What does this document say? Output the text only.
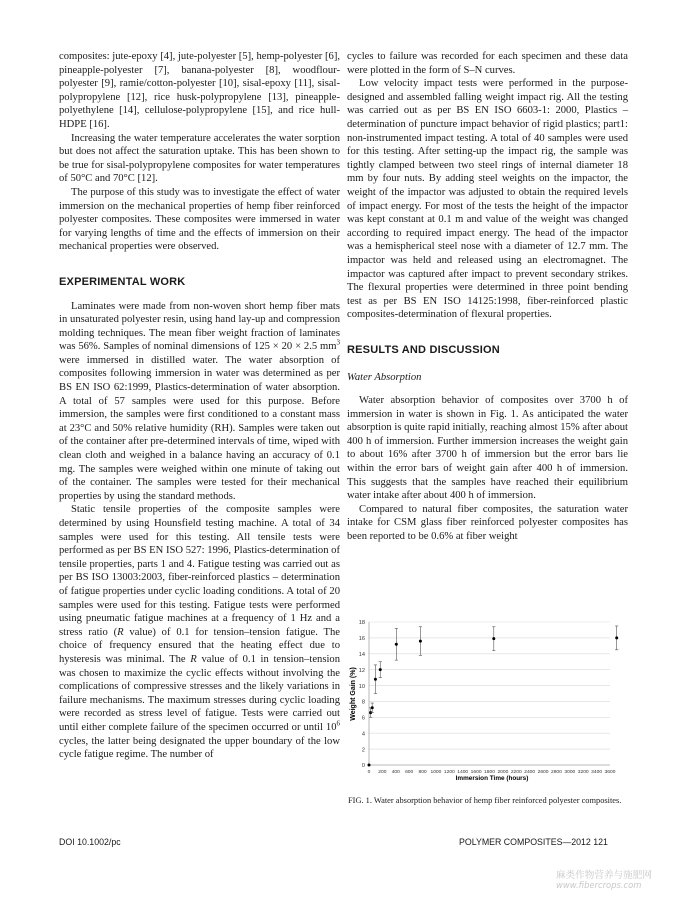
composites: jute-epoxy [4], jute-polyester [5], hemp-polyester [6], pineapple-polyester [7], banana-polyester [8], woodflour-polyester [9], ramie/cotton-polyester [10], sisal-epoxy [11], sisal-polypropylene [12], rice husk-polypropylene [13], pineapple-polyethylene [14], cellulose-polypropylene [15], and rice hull-HDPE [16].

Increasing the water temperature accelerates the water sorption but does not affect the saturation uptake. This has been shown to be true for sisal-polypropylene composites for water temperatures of 50°C and 70°C [12].

The purpose of this study was to investigate the effect of water immersion on the mechanical properties of hemp fiber reinforced polyester composites. These composites were immersed in water for varying lengths of time and the effects of immersion on their mechanical properties were observed.

EXPERIMENTAL WORK

Laminates were made from non-woven short hemp fiber mats in unsaturated polyester resin, using hand lay-up and compression molding techniques. The mean fiber weight fraction of laminates was 56%. Samples of nominal dimensions of 125 × 20 × 2.5 $mm^3$ were immersed in distilled water. The water absorption of composites following immersion in water was determined as per BS EN ISO 62:1999, Plastics-determination of water absorption. A total of 57 samples were used for this purpose. Before immersion, the samples were first conditioned to a constant mass at 23°C and 50% relative humidity (RH). Samples were taken out of the container after pre-determined intervals of time, wiped with clean cloth and weighed in a balance having an accuracy of 0.1 mg. The samples were weighed within one minute of taking out of the container. The samples were tested for their mechanical properties by using the standard methods.

Static tensile properties of the composite samples were determined by using Hounsfield testing machine. A total of 34 samples were used for this testing. All tensile tests were performed as per BS EN ISO 527: 1996, Plastics-determination of tensile properties, parts 1 and 4. Fatigue testing was carried out as per BS ISO 13003:2003, fiber-reinforced plastics – determination of fatigue properties under cyclic loading conditions. A total of 20 samples were used for this testing. Fatigue tests were performed using pneumatic fatigue machines at a frequency of 1 Hz and a stress ratio (R value) of 0.1 for tension–tension fatigue. The choice of frequency ensured that the heating effect due to hysteresis was minimal. The R value of 0.1 in tension–tension was chosen to maximize the cyclic effects without involving the complications of compressive stresses and the likely variations in failure mechanisms. The maximum stresses during cyclic loading were recorded as stress level of fatigue. Tests were carried out until either complete failure of the specimen occurred or until $10^6$ cycles, the latter being designated the upper boundary of the low cycle fatigue regime. The number of

cycles to failure was recorded for each specimen and these data were plotted in the form of S–N curves.

Low velocity impact tests were performed in the purpose-designed and assembled falling weight impact rig. All the testing was carried out as per BS EN ISO 6603-1: 2000, Plastics – determination of puncture impact behavior of rigid plastics; part1: non-instrumented impact testing. A total of 40 samples were used for this testing. After setting-up the impact rig, the sample was tightly clamped between two steel rings of internal diameter 18 mm by four nuts. By adding steel weights on the impactor, the weight of the impactor was adjusted to obtain the required levels of impact energy. For most of the tests the height of the impactor was kept constant at 0.1 m and value of the weight was changed according to required impact energy. The head of the impactor was a hemispherical steel nose with a diameter of 12.7 mm. The impactor was held and released using an electromagnet. The impactor was captured after impact to prevent secondary strikes. The flexural properties were determined in three point bending test as per BS EN ISO 14125:1998, fiber-reinforced plastic composites-determination of flexural properties.

RESULTS AND DISCUSSION
Water Absorption

Water absorption behavior of composites over 3700 h of immersion in water is shown in Fig. 1. As anticipated the water absorption is quite rapid initially, reaching almost 15% after about 400 h of immersion. Further immersion increases the weight gain to about 16% after 3700 h of immersion but the error bars lie within the error bars of weight gain after 400 h of immersion. This suggests that the samples have reached their equilibrium water intake after about 400 h of immersion.

Compared to natural fiber composites, the saturation water intake for CSM glass fiber reinforced polyester composites has been reported to be 0.6% at fiber weight

0
2
4
6
8
10
12
14
16
18
0 200 400 600 800 1000 1200 1400 1600 1800 2000 2200 2400 2600 2800 3000 3200 3400 3600
Weight Gain (%)
Immersion Time (hours)
FIG. 1. Water absorption behavior of hemp fiber reinforced polyester composites.
DOI 10.1002/pc	POLYMER COMPOSITES—2012 121
麻类作物营养与施肥网
www.fibercrops.com
